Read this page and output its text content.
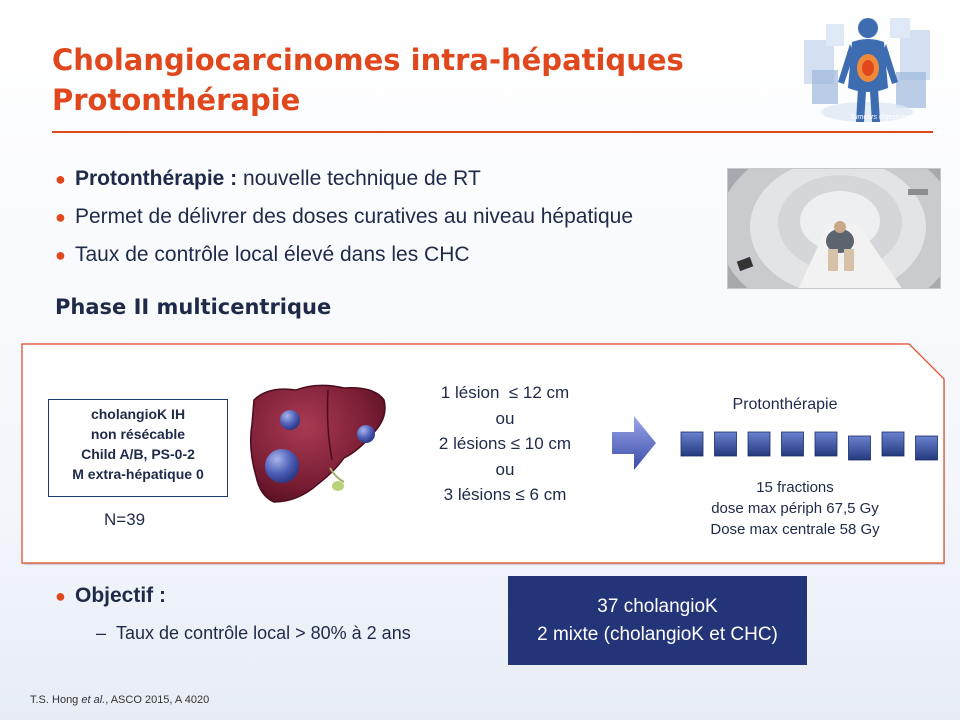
Cholangiocarcinomes intra-hépatiques
Protonthérapie
Tumeurs digestives
● Protonthérapie : nouvelle technique de RT
● Permet de délivrer des doses curatives au niveau hépatique
● Taux de contrôle local élevé dans les CHC
Phase II multicentrique
cholangioK IH
non résécable
Child A/B, PS-0-2
M extra-hépatique 0
N=39
1 lésion  ≤ 12 cm
ou
2 lésions ≤ 10 cm
ou
3 lésions ≤ 6 cm
Protonthérapie
15 fractions
dose max périph 67,5 Gy
Dose max centrale 58 Gy
● Objectif :
– Taux de contrôle local > 80% à 2 ans
37 cholangioK
2 mixte (cholangioK et CHC)
T.S. Hong et al., ASCO 2015, A 4020
